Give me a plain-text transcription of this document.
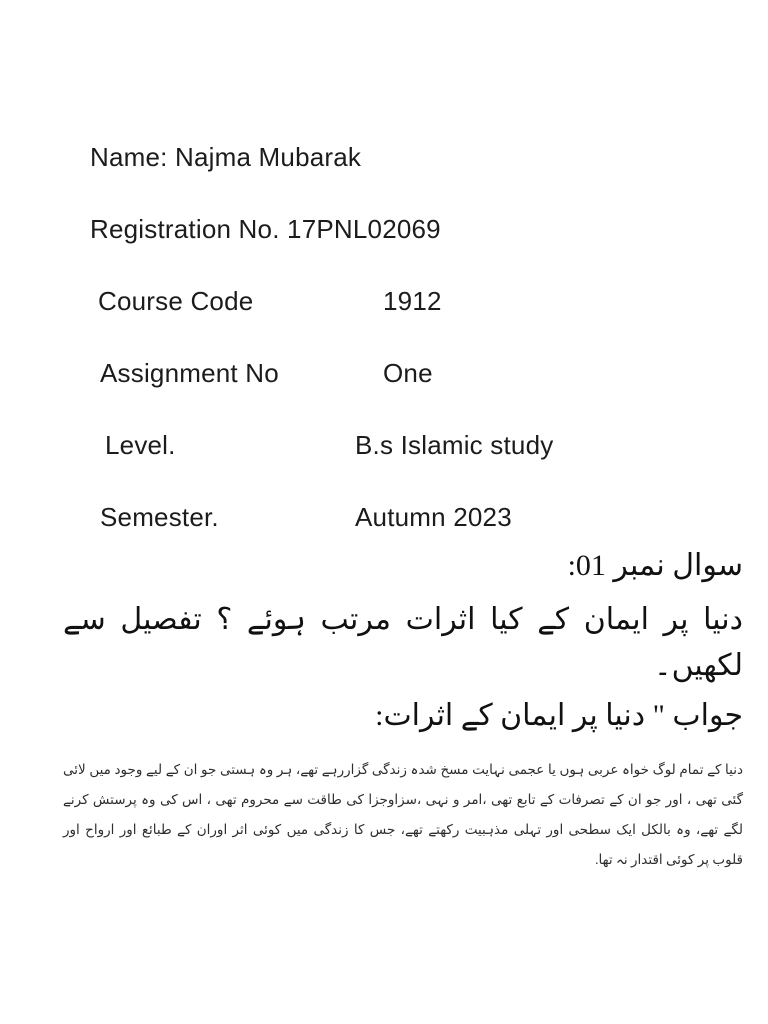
Name: Najma Mubarak
Registration No. 17PNL02069
Course Code	1912
Assignment No	One
Level.	B.s Islamic study
Semester.	Autumn 2023
سوال نمبر 01:
دنیا پر ایمان کے کیا اثرات مرتب ہوئے ؟ تفصیل سے لکھیں۔
جواب " دنیا پر ایمان کے اثرات:
دنیا کے تمام لوگ خواہ عربی ہوں یا عجمی نہایت مسخ شدہ زندگی گزاررہے تھے، ہر وہ ہستی جو ان کے لیے وجود میں لائی
گئی تھی ، اور جو ان کے تصرفات کے تابع تھی ،امر و نہی ،سزاوجزا کی طاقت سے محروم تھی ، اس کی وہ پرستش کرنے
لگے تھے، وہ بالکل ایک سطحی اور تہلی مذہبیت رکھتے تھے، جس کا زندگی میں کوئی اثر اوران کے طبائع اور ارواح اور
قلوب پر کوئی اقتدار نہ تھا.
